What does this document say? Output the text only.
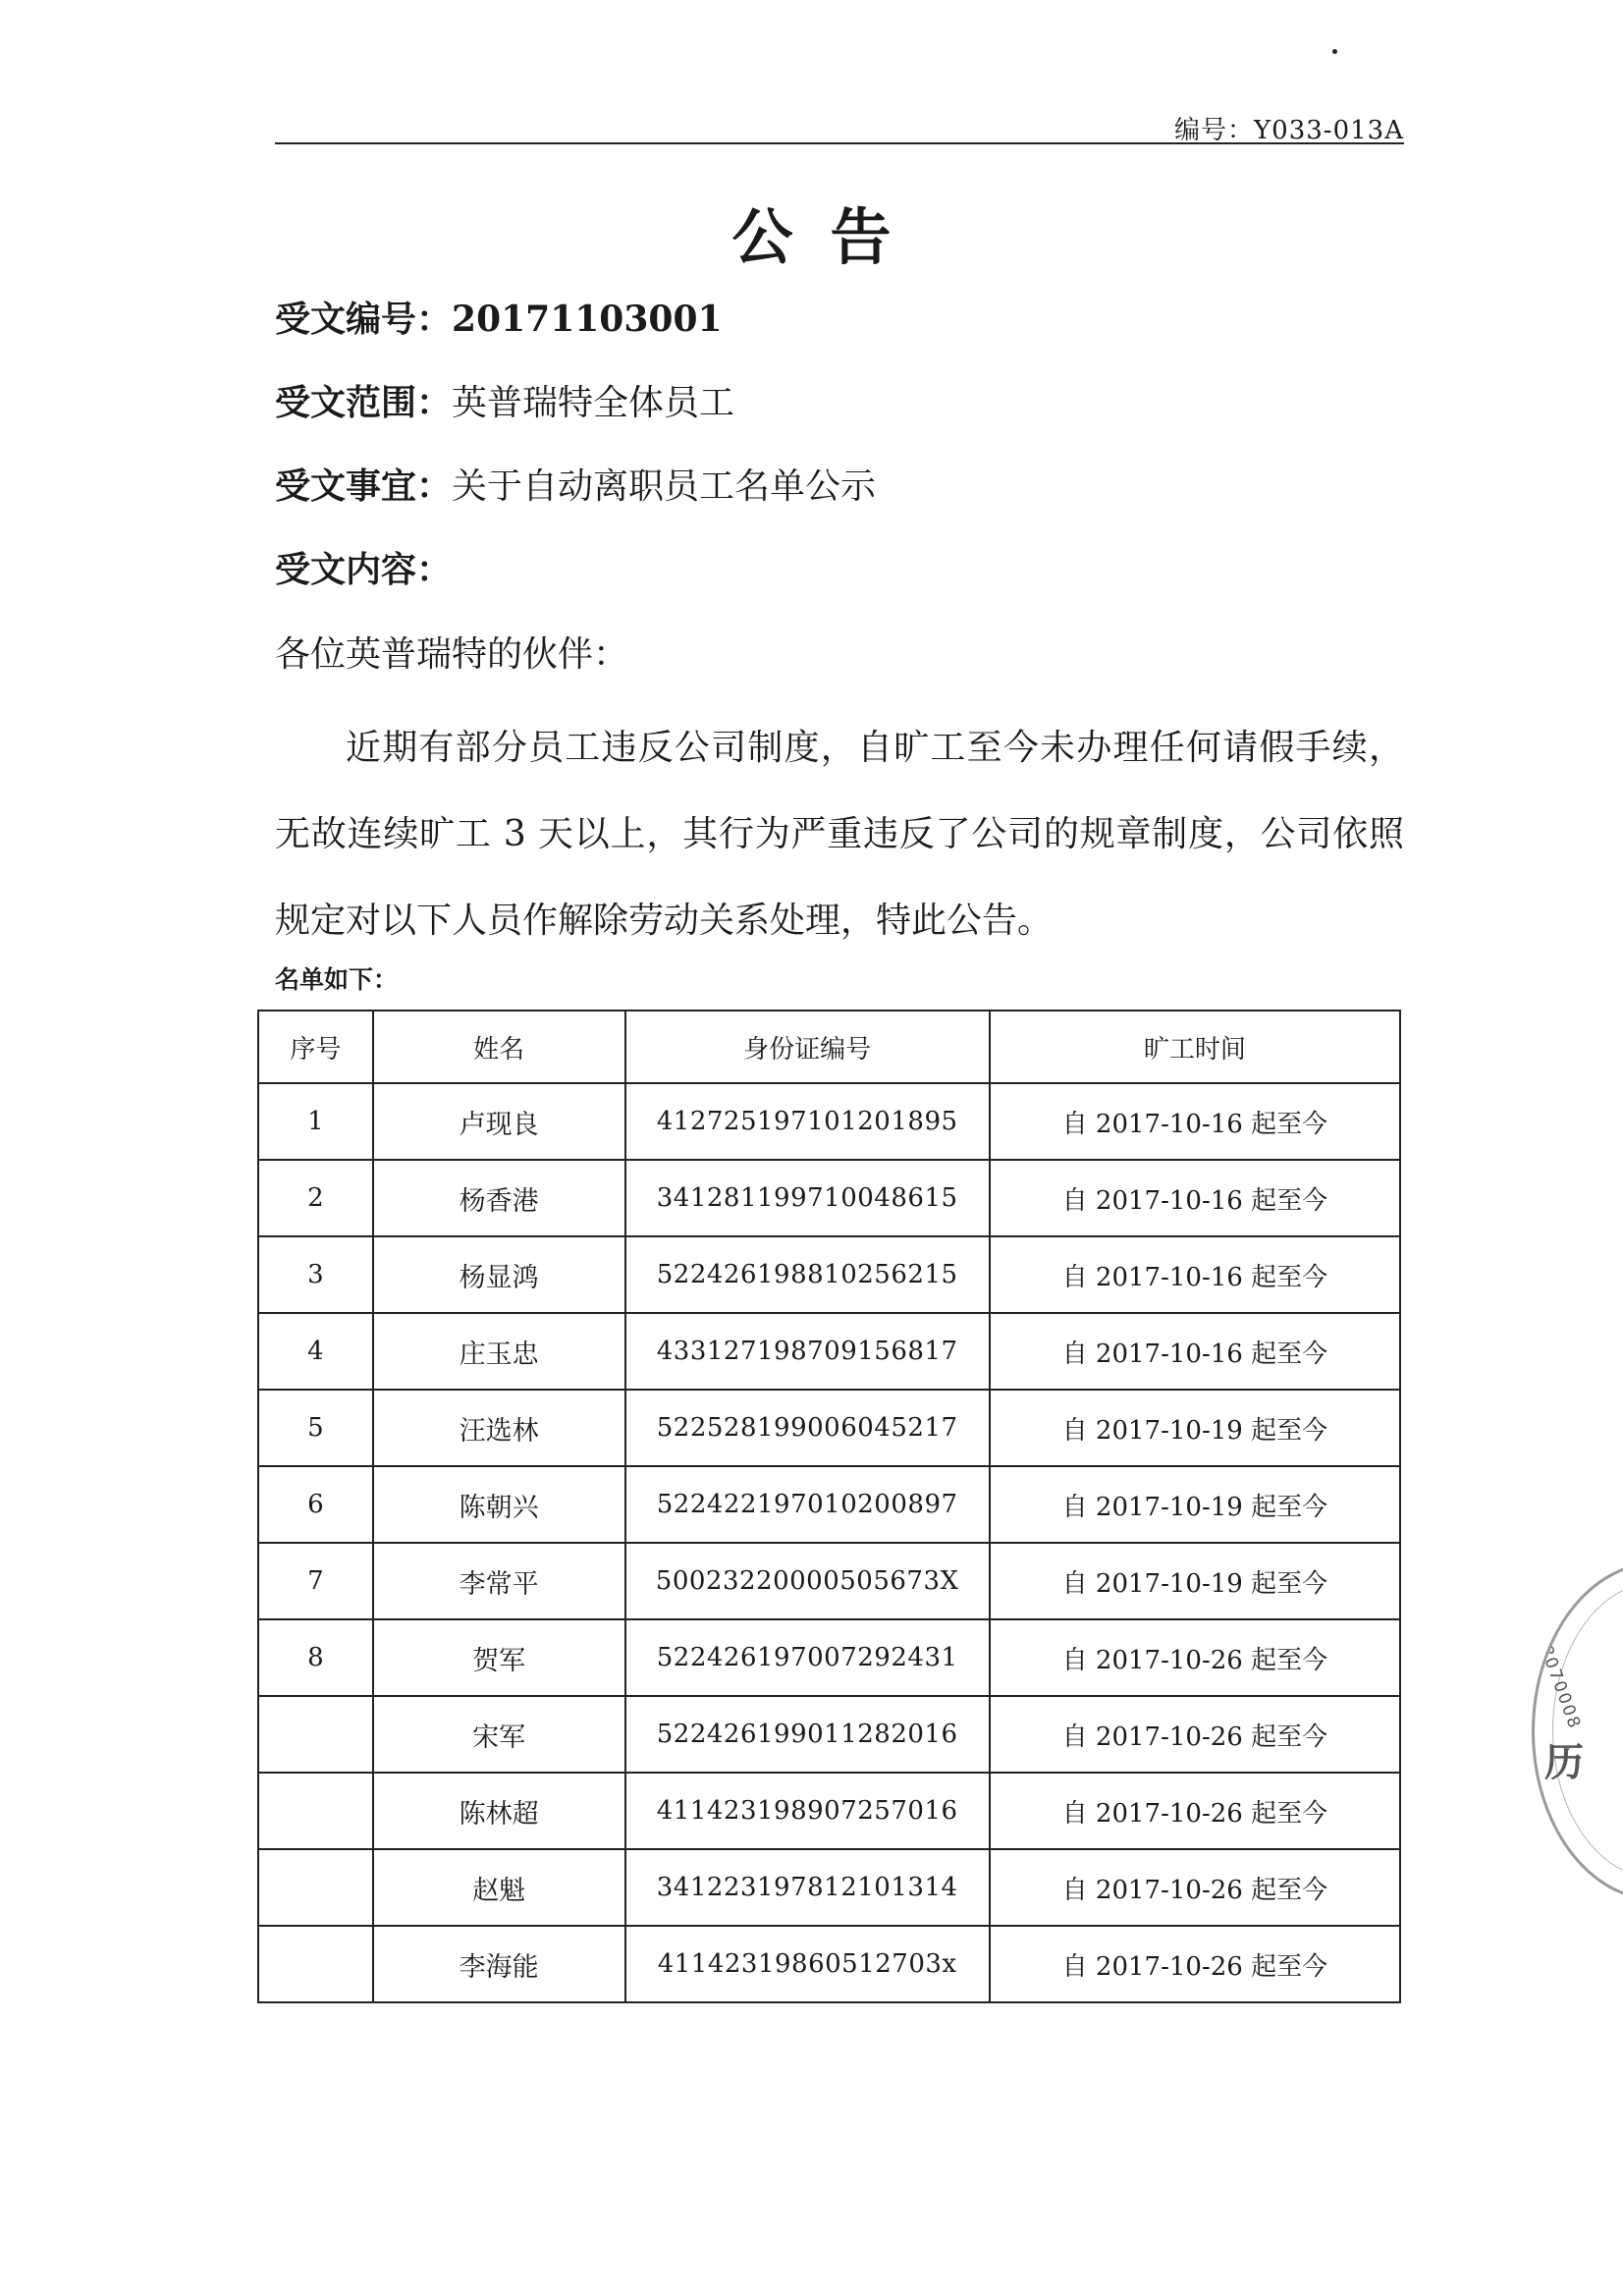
编号：Y033-013A
公告
受文编号：20171103001
受文范围：英普瑞特全体员工
受文事宜：关于自动离职员工名单公示
受文内容：
各位英普瑞特的伙伴：

近期有部分员工违反公司制度，自旷工至今未办理任何请假手续，无故连续旷工 3 天以上，其行为严重违反了公司的规章制度，公司依照规定对以下人员作解除劳动关系处理，特此公告。

名单如下：
序号	姓名	身份证编号	旷工时间
1	卢现良	412725197101201895	自 2017-10-16 起至今
2	杨香港	341281199710048615	自 2017-10-16 起至今
3	杨显鸿	522426198810256215	自 2017-10-16 起至今
4	庄玉忠	433127198709156817	自 2017-10-16 起至今
5	汪选林	522528199006045217	自 2017-10-19 起至今
6	陈朝兴	522422197010200897	自 2017-10-19 起至今
7	李常平	50023220000505673X	自 2017-10-19 起至今
8	贺军	522426197007292431	自 2017-10-26 起至今
	宋军	522426199011282016	自 2017-10-26 起至今
	陈林超	411423198907257016	自 2017-10-26 起至今
	赵魁	341223197812101314	自 2017-10-26 起至今
	李海能	41142319860512703x	自 2017-10-26 起至今
8070008
历
